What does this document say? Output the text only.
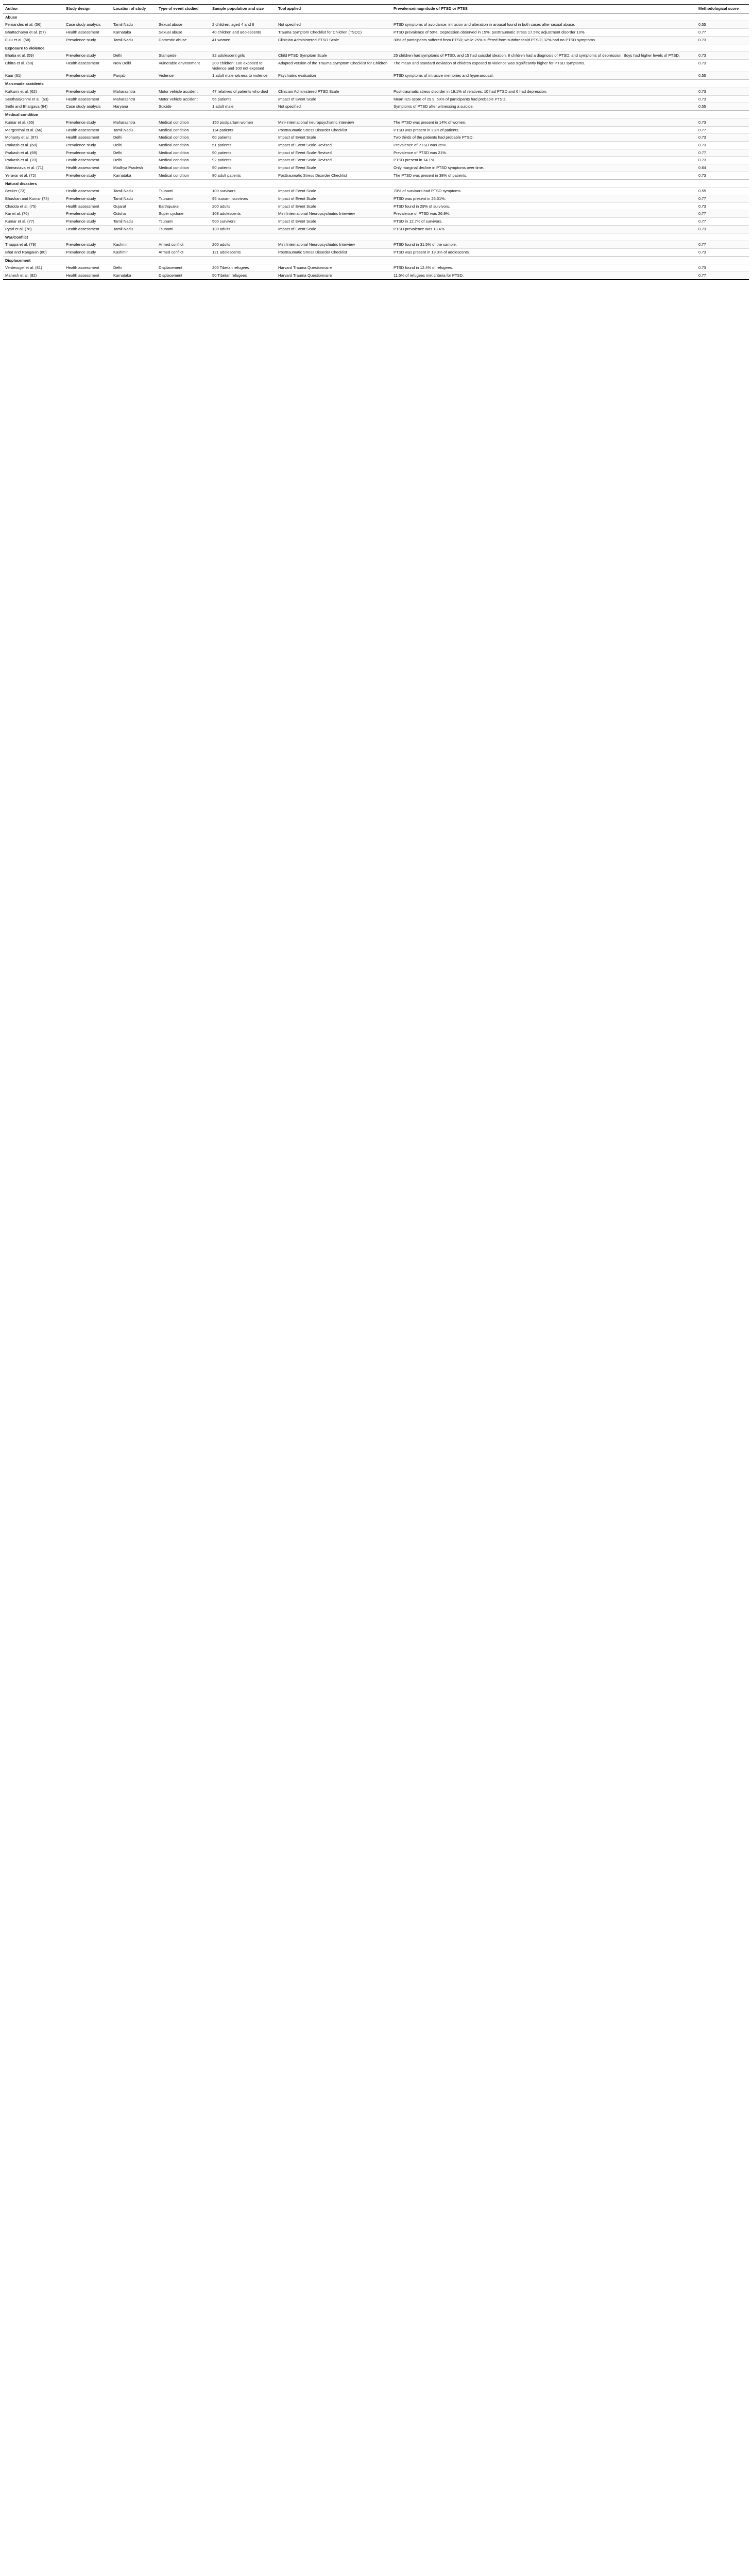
Author	Study design	Location of study	Type of event studied	Sample population and size	Tool applied	Prevalence/magnitude of PTSD or PTSS	Methodological score
Abuse							
Fernandes et al. (56)	Case study analysis	Tamil Nadu	Sexual abuse	2 children, aged 4 and 6	Not specified	PTSD symptoms of avoidance, intrusion and alteration in arousal found in both cases after sexual abuse.	0.55
Bhattacharya et al. (57)	Health assessment	Karnataka	Sexual abuse	40 children and adolescents	Trauma Symptom Checklist for Children (TSCC)	PTSD prevalence of 50%. Depression observed in 15%; posttraumatic stress 17.5%; adjustment disorder 10%.	0.77
Fulu et al. (58)	Prevalence study	Tamil Nadu	Domestic abuse	41 women	Clinician Administered PTSD Scale	30% of participants suffered from PTSD; while 25% suffered from subthreshold PTSD; 32% had no PTSD symptoms.	0.73
Exposure to violence							
Bhatia et al. (59)	Prevalence study	Delhi	Stampede	32 adolescent girls	Child PTSD Symptom Scale	25 children had symptoms of PTSD, and 15 had suicidal ideation; 8 children had a diagnosis of PTSD, and symptoms of depression. Boys had higher levels of PTSD.	0.73
Chitra et al. (60)	Health assessment	New Delhi	Vulnerable environment	200 children: 100 exposed to violence and 100 not exposed	Adapted version of the Trauma Symptom Checklist for Children	The mean and standard deviation of children exposed to violence was significantly higher for PTSD symptoms.	0.73
Kaur (61)	Prevalence study	Punjab	Violence	1 adult male witness to violence	Psychiatric evaluation	PTSD symptoms of intrusive memories and hyperarousal.	0.55
Man-made accidents							
Kulkarni et al. (62)	Prevalence study	Maharashtra	Motor vehicle accident	47 relatives of patients who died	Clinician Administered PTSD Scale	Post-traumatic stress disorder in 19.1% of relatives; 10 had PTSD and 6 had depression.	0.73
Seethalakshmi et al. (63)	Health assessment	Maharashtra	Motor vehicle accident	56 patients	Impact of Event Scale	Mean IES score of 29.9; 60% of participants had probable PTSD.	0.73
Sethi and Bhargava (64)	Case study analysis	Haryana	Suicide	1 adult male	Not specified	Symptoms of PTSD after witnessing a suicide.	0.55
Medical condition							
Kumar et al. (65)	Prevalence study	Maharashtra	Medical condition	150 postpartum women	Mini-international neuropsychiatric interview	The PTSD was present in 14% of women.	0.73
Mergenthal et al. (66)	Health assessment	Tamil Nadu	Medical condition	114 patients	Posttraumatic Stress Disorder Checklist	PTSD was present in 23% of patients.	0.77
Mohanty et al. (67)	Health assessment	Delhi	Medical condition	60 patients	Impact of Event Scale	Two thirds of the patients had probable PTSD.	0.73
Prakash et al. (68)	Prevalence study	Delhi	Medical condition	51 patients	Impact of Event Scale-Revised	Prevalence of PTSD was 25%.	0.73
Prakash et al. (69)	Prevalence study	Delhi	Medical condition	90 patients	Impact of Event Scale-Revised	Prevalence of PTSD was 21%.	0.77
Prakash et al. (70)	Health assessment	Delhi	Medical condition	92 patients	Impact of Event Scale-Revised	PTSD present in 14.1%.	0.73
Shrivastava et al. (71)	Health assessment	Madhya Pradesh	Medical condition	50 patients	Impact of Event Scale	Only marginal decline in PTSD symptoms over time.	0.64
Yeravar et al. (72)	Prevalence study	Karnataka	Medical condition	80 adult patients	Posttraumatic Stress Disorder Checklist	The PTSD was present in 38% of patients.	0.73
Natural disasters							
Becker (73)	Health assessment	Tamil Nadu	Tsunami	100 survivors	Impact of Event Scale	70% of survivors had PTSD symptoms.	0.55
Bhushan and Kumar (74)	Prevalence study	Tamil Nadu	Tsunami	95 tsunami survivors	Impact of Event Scale	PTSD was present in 26.31%.	0.77
Chadda et al. (75)	Health assessment	Gujarat	Earthquake	200 adults	Impact of Event Scale	PTSD found in 29% of survivors.	0.73
Kar et al. (76)	Prevalence study	Odisha	Super cyclone	108 adolescents	Mini International Neuropsychiatric Interview	Prevalence of PTSD was 26.9%.	0.77
Kumar et al. (77)	Prevalence study	Tamil Nadu	Tsunami	500 survivors	Impact of Event Scale	PTSD in 12.7% of survivors.	0.77
Pyari et al. (78)	Health assessment	Tamil Nadu	Tsunami	130 adults	Impact of Event Scale	PTSD prevalence was 13.4%.	0.73
War/Conflict							
Thappa et al. (79)	Prevalence study	Kashmir	Armed conflict	200 adults	Mini International Neuropsychiatric Interview	PTSD found in 31.5% of the sample.	0.77
Bhat and Rangaiah (80)	Prevalence study	Kashmir	Armed conflict	121 adolescents	Posttraumatic Stress Disorder Checklist	PTSD was present in 19.3% of adolescents.	0.73
Displacement							
Ventevogel et al. (81)	Health assessment	Delhi	Displacement	200 Tibetan refugees	Harvard Trauma Questionnaire	PTSD found in 12.4% of refugees.	0.73
Mahesh et al. (82)	Health assessment	Karnataka	Displacement	50 Tibetan refugees	Harvard Trauma Questionnaire	11.5% of refugees met criteria for PTSD.	0.77
